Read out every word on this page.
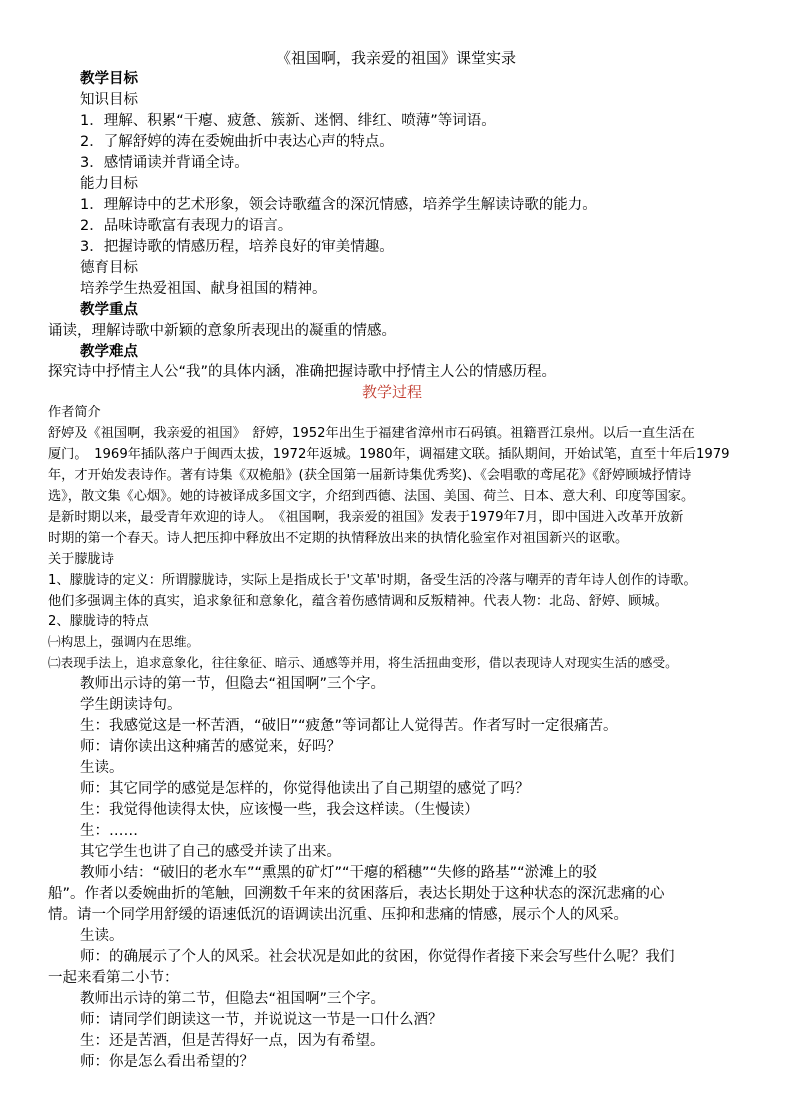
《祖国啊，我亲爱的祖国》课堂实录
教学目标
知识目标
1．理解、积累“干瘪、疲惫、簇新、迷惘、绯红、喷薄”等词语。
2．了解舒婷的涛在委婉曲折中表达心声的特点。
3．感情诵读并背诵全诗。
能力目标
1．理解诗中的艺术形象，领会诗歌蕴含的深沉情感，培养学生解读诗歌的能力。
2．品味诗歌富有表现力的语言。
3．把握诗歌的情感历程，培养良好的审美情趣。
德育目标
培养学生热爱祖国、献身祖国的精神。
教学重点
诵读，理解诗歌中新颖的意象所表现出的凝重的情感。
教学难点
探究诗中抒情主人公“我”的具体内涵，准确把握诗歌中抒情主人公的情感历程。
教学过程
作者简介
舒婷及《祖国啊，我亲爱的祖国》　舒婷，1952年出生于福建省漳州市石码镇。祖籍晋江泉州。以后一直生活在
厦门。　1969年插队落户于闽西太拔，1972年返城。1980年，调福建文联。插队期间，开始试笔，直至十年后1979
年，才开始发表诗作。著有诗集《双桅船》(获全国第一届新诗集优秀奖)、《会唱歌的鸢尾花》《舒婷顾城抒情诗
选》，散文集《心烟》。她的诗被译成多国文字，介绍到西德、法国、美国、荷兰、日本、意大利、印度等国家。
是新时期以来，最受青年欢迎的诗人。　《祖国啊，我亲爱的祖国》发表于1979年7月，即中国进入改革开放新
时期的第一个春天。诗人把压抑中释放出不定期的执情释放出来的执情化验室作对祖国新兴的讴歌。
关于朦胧诗
1、朦胧诗的定义：所谓朦胧诗，实际上是指成长于'文革'时期，备受生活的冷落与嘲弄的青年诗人创作的诗歌。
他们多强调主体的真实，追求象征和意象化，蕴含着伤感情调和反叛精神。代表人物：北岛、舒婷、顾城。
2、朦胧诗的特点
㈠构思上，强调内在思维。
㈡表现手法上，追求意象化，往往象征、暗示、通感等并用，将生活扭曲变形，借以表现诗人对现实生活的感受。
教师出示诗的第一节，但隐去“祖国啊”三个字。
学生朗读诗句。
生：我感觉这是一杯苦酒，“破旧”“疲惫”等词都让人觉得苦。作者写时一定很痛苦。
师：请你读出这种痛苦的感觉来，好吗？
生读。
师：其它同学的感觉是怎样的，你觉得他读出了自己期望的感觉了吗？
生：我觉得他读得太快，应该慢一些，我会这样读。（生慢读）
生：……
其它学生也讲了自己的感受并读了出来。
教师小结：“破旧的老水车”“熏黑的矿灯”“干瘪的稻穗”“失修的路基”“淤滩上的驳
船”。作者以委婉曲折的笔触，回溯数千年来的贫困落后，表达长期处于这种状态的深沉悲痛的心
情。请一个同学用舒缓的语速低沉的语调读出沉重、压抑和悲痛的情感，展示个人的风采。
生读。
师：的确展示了个人的风采。社会状况是如此的贫困，你觉得作者接下来会写些什么呢？我们
一起来看第二小节：
教师出示诗的第二节，但隐去“祖国啊”三个字。
师：请同学们朗读这一节，并说说这一节是一口什么酒？
生：还是苦酒，但是苦得好一点，因为有希望。
师：你是怎么看出希望的？
